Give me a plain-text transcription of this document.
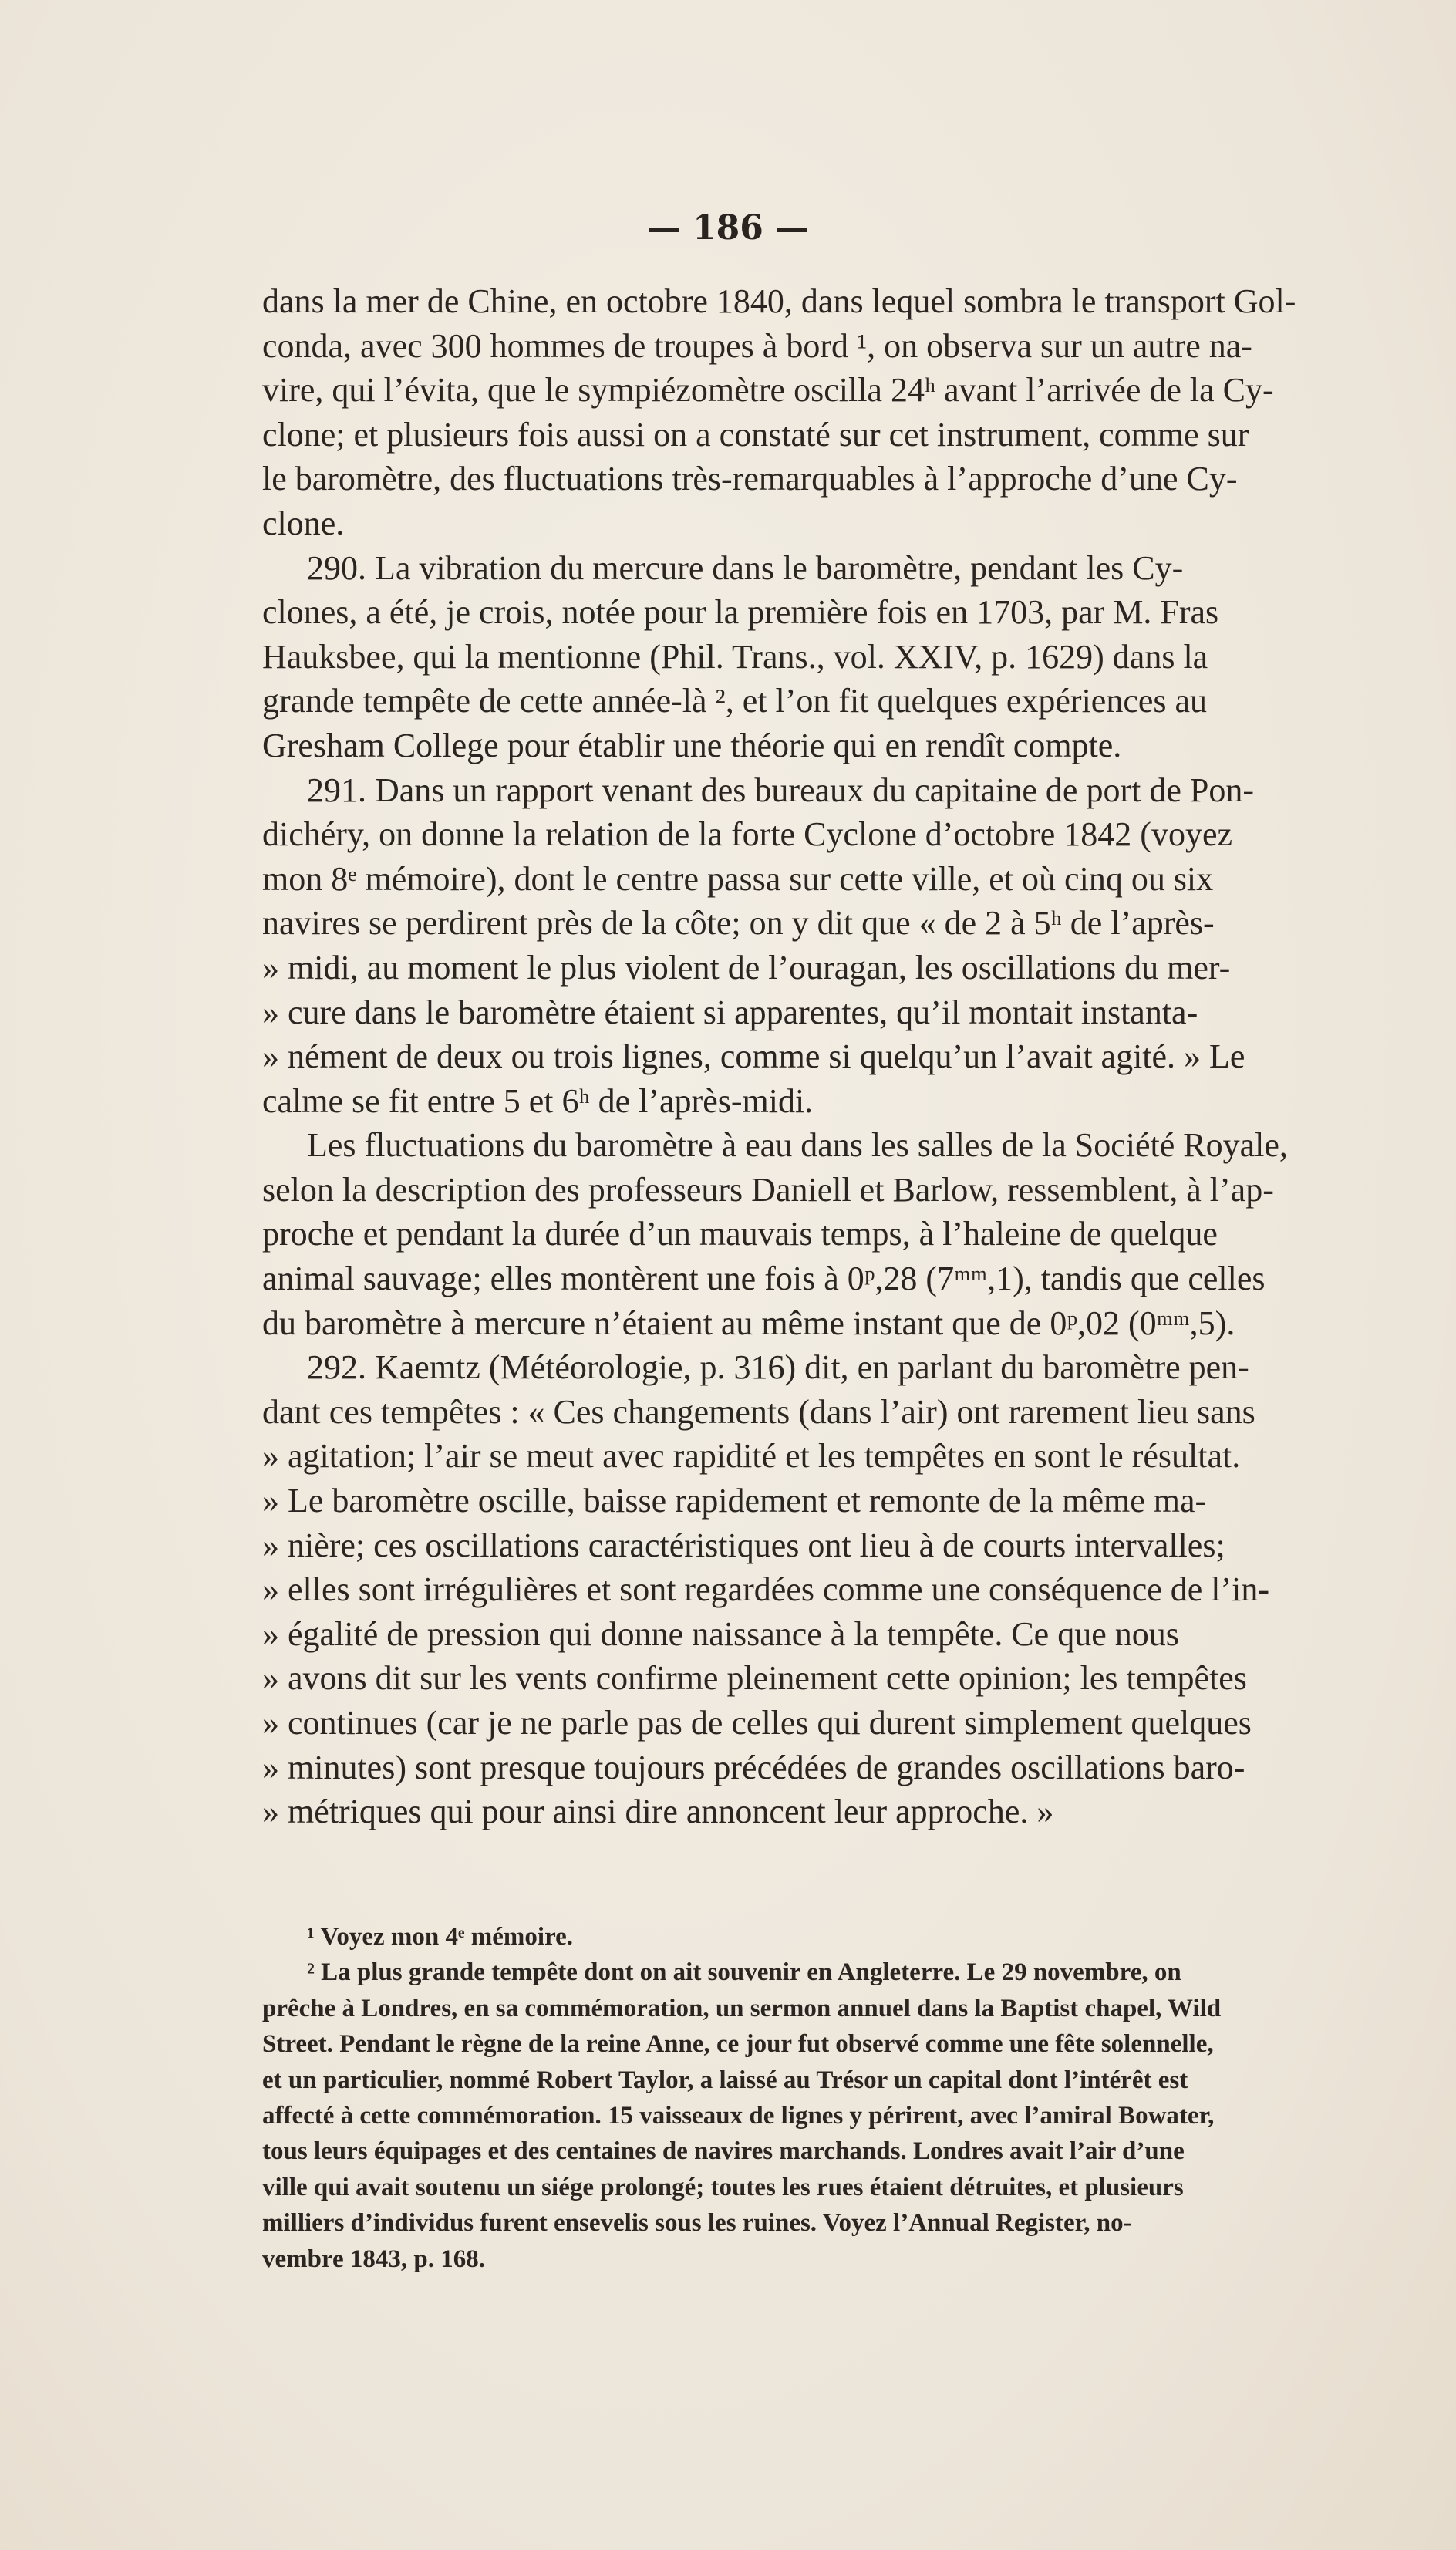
— 186 —
dans la mer de Chine, en octobre 1840, dans lequel sombra le transport Gol-
conda, avec 300 hommes de troupes à bord ¹, on observa sur un autre na-
vire, qui l’évita, que le sympiézomètre oscilla 24ʰ avant l’arrivée de la Cy-
clone; et plusieurs fois aussi on a constaté sur cet instrument, comme sur
le baromètre, des fluctuations très-remarquables à l’approche d’une Cy-
clone.
290. La vibration du mercure dans le baromètre, pendant les Cy-
clones, a été, je crois, notée pour la première fois en 1703, par M. Fras
Hauksbee, qui la mentionne (Phil. Trans., vol. XXIV, p. 1629) dans la
grande tempête de cette année-là ², et l’on fit quelques expériences au
Gresham College pour établir une théorie qui en rendît compte.
291. Dans un rapport venant des bureaux du capitaine de port de Pon-
dichéry, on donne la relation de la forte Cyclone d’octobre 1842 (voyez
mon 8ᵉ mémoire), dont le centre passa sur cette ville, et où cinq ou six
navires se perdirent près de la côte; on y dit que « de 2 à 5ʰ de l’après-
» midi, au moment le plus violent de l’ouragan, les oscillations du mer-
» cure dans le baromètre étaient si apparentes, qu’il montait instanta-
» nément de deux ou trois lignes, comme si quelqu’un l’avait agité. » Le
calme se fit entre 5 et 6ʰ de l’après-midi.
Les fluctuations du baromètre à eau dans les salles de la Société Royale,
selon la description des professeurs Daniell et Barlow, ressemblent, à l’ap-
proche et pendant la durée d’un mauvais temps, à l’haleine de quelque
animal sauvage; elles montèrent une fois à 0ᵖ,28 (7ᵐᵐ,1), tandis que celles
du baromètre à mercure n’étaient au même instant que de 0ᵖ,02 (0ᵐᵐ,5).
292. Kaemtz (Météorologie, p. 316) dit, en parlant du baromètre pen-
dant ces tempêtes : « Ces changements (dans l’air) ont rarement lieu sans
» agitation; l’air se meut avec rapidité et les tempêtes en sont le résultat.
» Le baromètre oscille, baisse rapidement et remonte de la même ma-
» nière; ces oscillations caractéristiques ont lieu à de courts intervalles;
» elles sont irrégulières et sont regardées comme une conséquence de l’in-
» égalité de pression qui donne naissance à la tempête. Ce que nous
» avons dit sur les vents confirme pleinement cette opinion; les tempêtes
» continues (car je ne parle pas de celles qui durent simplement quelques
» minutes) sont presque toujours précédées de grandes oscillations baro-
» métriques qui pour ainsi dire annoncent leur approche. »
¹ Voyez mon 4ᵉ mémoire.
² La plus grande tempête dont on ait souvenir en Angleterre. Le 29 novembre, on
prêche à Londres, en sa commémoration, un sermon annuel dans la Baptist chapel, Wild
Street. Pendant le règne de la reine Anne, ce jour fut observé comme une fête solennelle,
et un particulier, nommé Robert Taylor, a laissé au Trésor un capital dont l’intérêt est
affecté à cette commémoration. 15 vaisseaux de lignes y périrent, avec l’amiral Bowater,
tous leurs équipages et des centaines de navires marchands. Londres avait l’air d’une
ville qui avait soutenu un siége prolongé; toutes les rues étaient détruites, et plusieurs
milliers d’individus furent ensevelis sous les ruines. Voyez l’Annual Register, no-
vembre 1843, p. 168.
